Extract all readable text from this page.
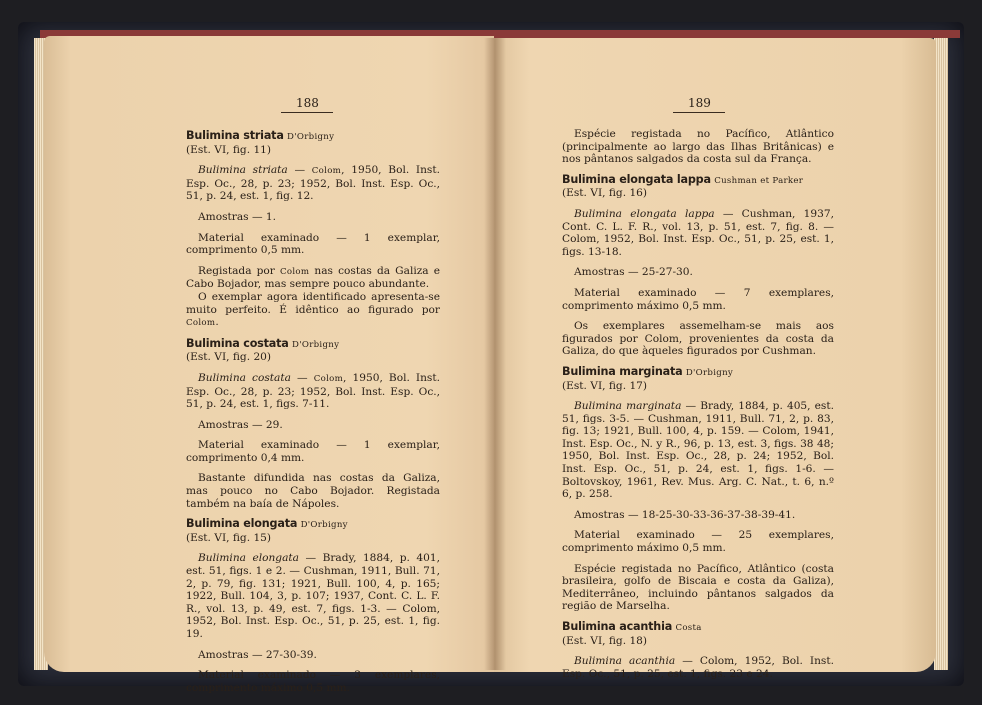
188
Bulimina striata D'Orbigny

(Est. VI, fig. 11)

Bulimina striata — Colom, 1950, Bol. Inst. Esp. Oc., 28, p. 23; 1952, Bol. Inst. Esp. Oc., 51, p. 24, est. 1, fig. 12.

Amostras — 1.

Material examinado — 1 exemplar, comprimento 0,5 mm.

Registada por Colom nas costas da Galiza e Cabo Bojador, mas sempre pouco abundante.

O exemplar agora identificado apresenta-se muito perfeito. É idêntico ao figurado por Colom.

Bulimina costata D'Orbigny

(Est. VI, fig. 20)

Bulimina costata — Colom, 1950, Bol. Inst. Esp. Oc., 28, p. 23; 1952, Bol. Inst. Esp. Oc., 51, p. 24, est. 1, figs. 7-11.

Amostras — 29.

Material examinado — 1 exemplar, comprimento 0,4 mm.

Bastante difundida nas costas da Galiza, mas pouco no Cabo Bojador. Registada também na baía de Nápoles.

Bulimina elongata D'Orbigny

(Est. VI, fig. 15)

Bulimina elongata — Brady, 1884, p. 401, est. 51, figs. 1 e 2. — Cushman, 1911, Bull. 71, 2, p. 79, fig. 131; 1921, Bull. 100, 4, p. 165; 1922, Bull. 104, 3, p. 107; 1937, Cont. C. L. F. R., vol. 13, p. 49, est. 7, figs. 1-3. — Colom, 1952, Bol. Inst. Esp. Oc., 51, p. 25, est. 1, fig. 19.

Amostras — 27-30-39.

Material examinado — 3 exemplares, comprimento máximo 0,5 mm.

189

Espécie registada no Pacífico, Atlântico (principalmente ao largo das Ilhas Britânicas) e nos pântanos salgados da costa sul da França.

Bulimina elongata lappa Cushman et Parker

(Est. VI, fig. 16)

Bulimina elongata lappa — Cushman, 1937, Cont. C. L. F. R., vol. 13, p. 51, est. 7, fig. 8. — Colom, 1952, Bol. Inst. Esp. Oc., 51, p. 25, est. 1, figs. 13-18.

Amostras — 25-27-30.

Material examinado — 7 exemplares, comprimento máximo 0,5 mm.

Os exemplares assemelham-se mais aos figurados por Colom, provenientes da costa da Galiza, do que àqueles figurados por Cushman.

Bulimina marginata D'Orbigny

(Est. VI, fig. 17)

Bulimina marginata — Brady, 1884, p. 405, est. 51, figs. 3-5. — Cushman, 1911, Bull. 71, 2, p. 83, fig. 13; 1921, Bull. 100, 4, p. 159. — Colom, 1941, Inst. Esp. Oc., N. y R., 96, p. 13, est. 3, figs. 38 48; 1950, Bol. Inst. Esp. Oc., 28, p. 24; 1952, Bol. Inst. Esp. Oc., 51, p. 24, est. 1, figs. 1-6. — Boltovskoy, 1961, Rev. Mus. Arg. C. Nat., t. 6, n.º 6, p. 258.

Amostras — 18-25-30-33-36-37-38-39-41.

Material examinado — 25 exemplares, comprimento máximo 0,5 mm.

Espécie registada no Pacífico, Atlântico (costa brasileira, golfo de Biscaia e costa da Galiza), Mediterrâneo, incluindo pântanos salgados da região de Marselha.

Bulimina acanthia Costa

(Est. VI, fig. 18)

Bulimina acanthia — Colom, 1952, Bol. Inst. Esp. Oc., 51, p. 25, est. 1, figs. 23 e 24.
